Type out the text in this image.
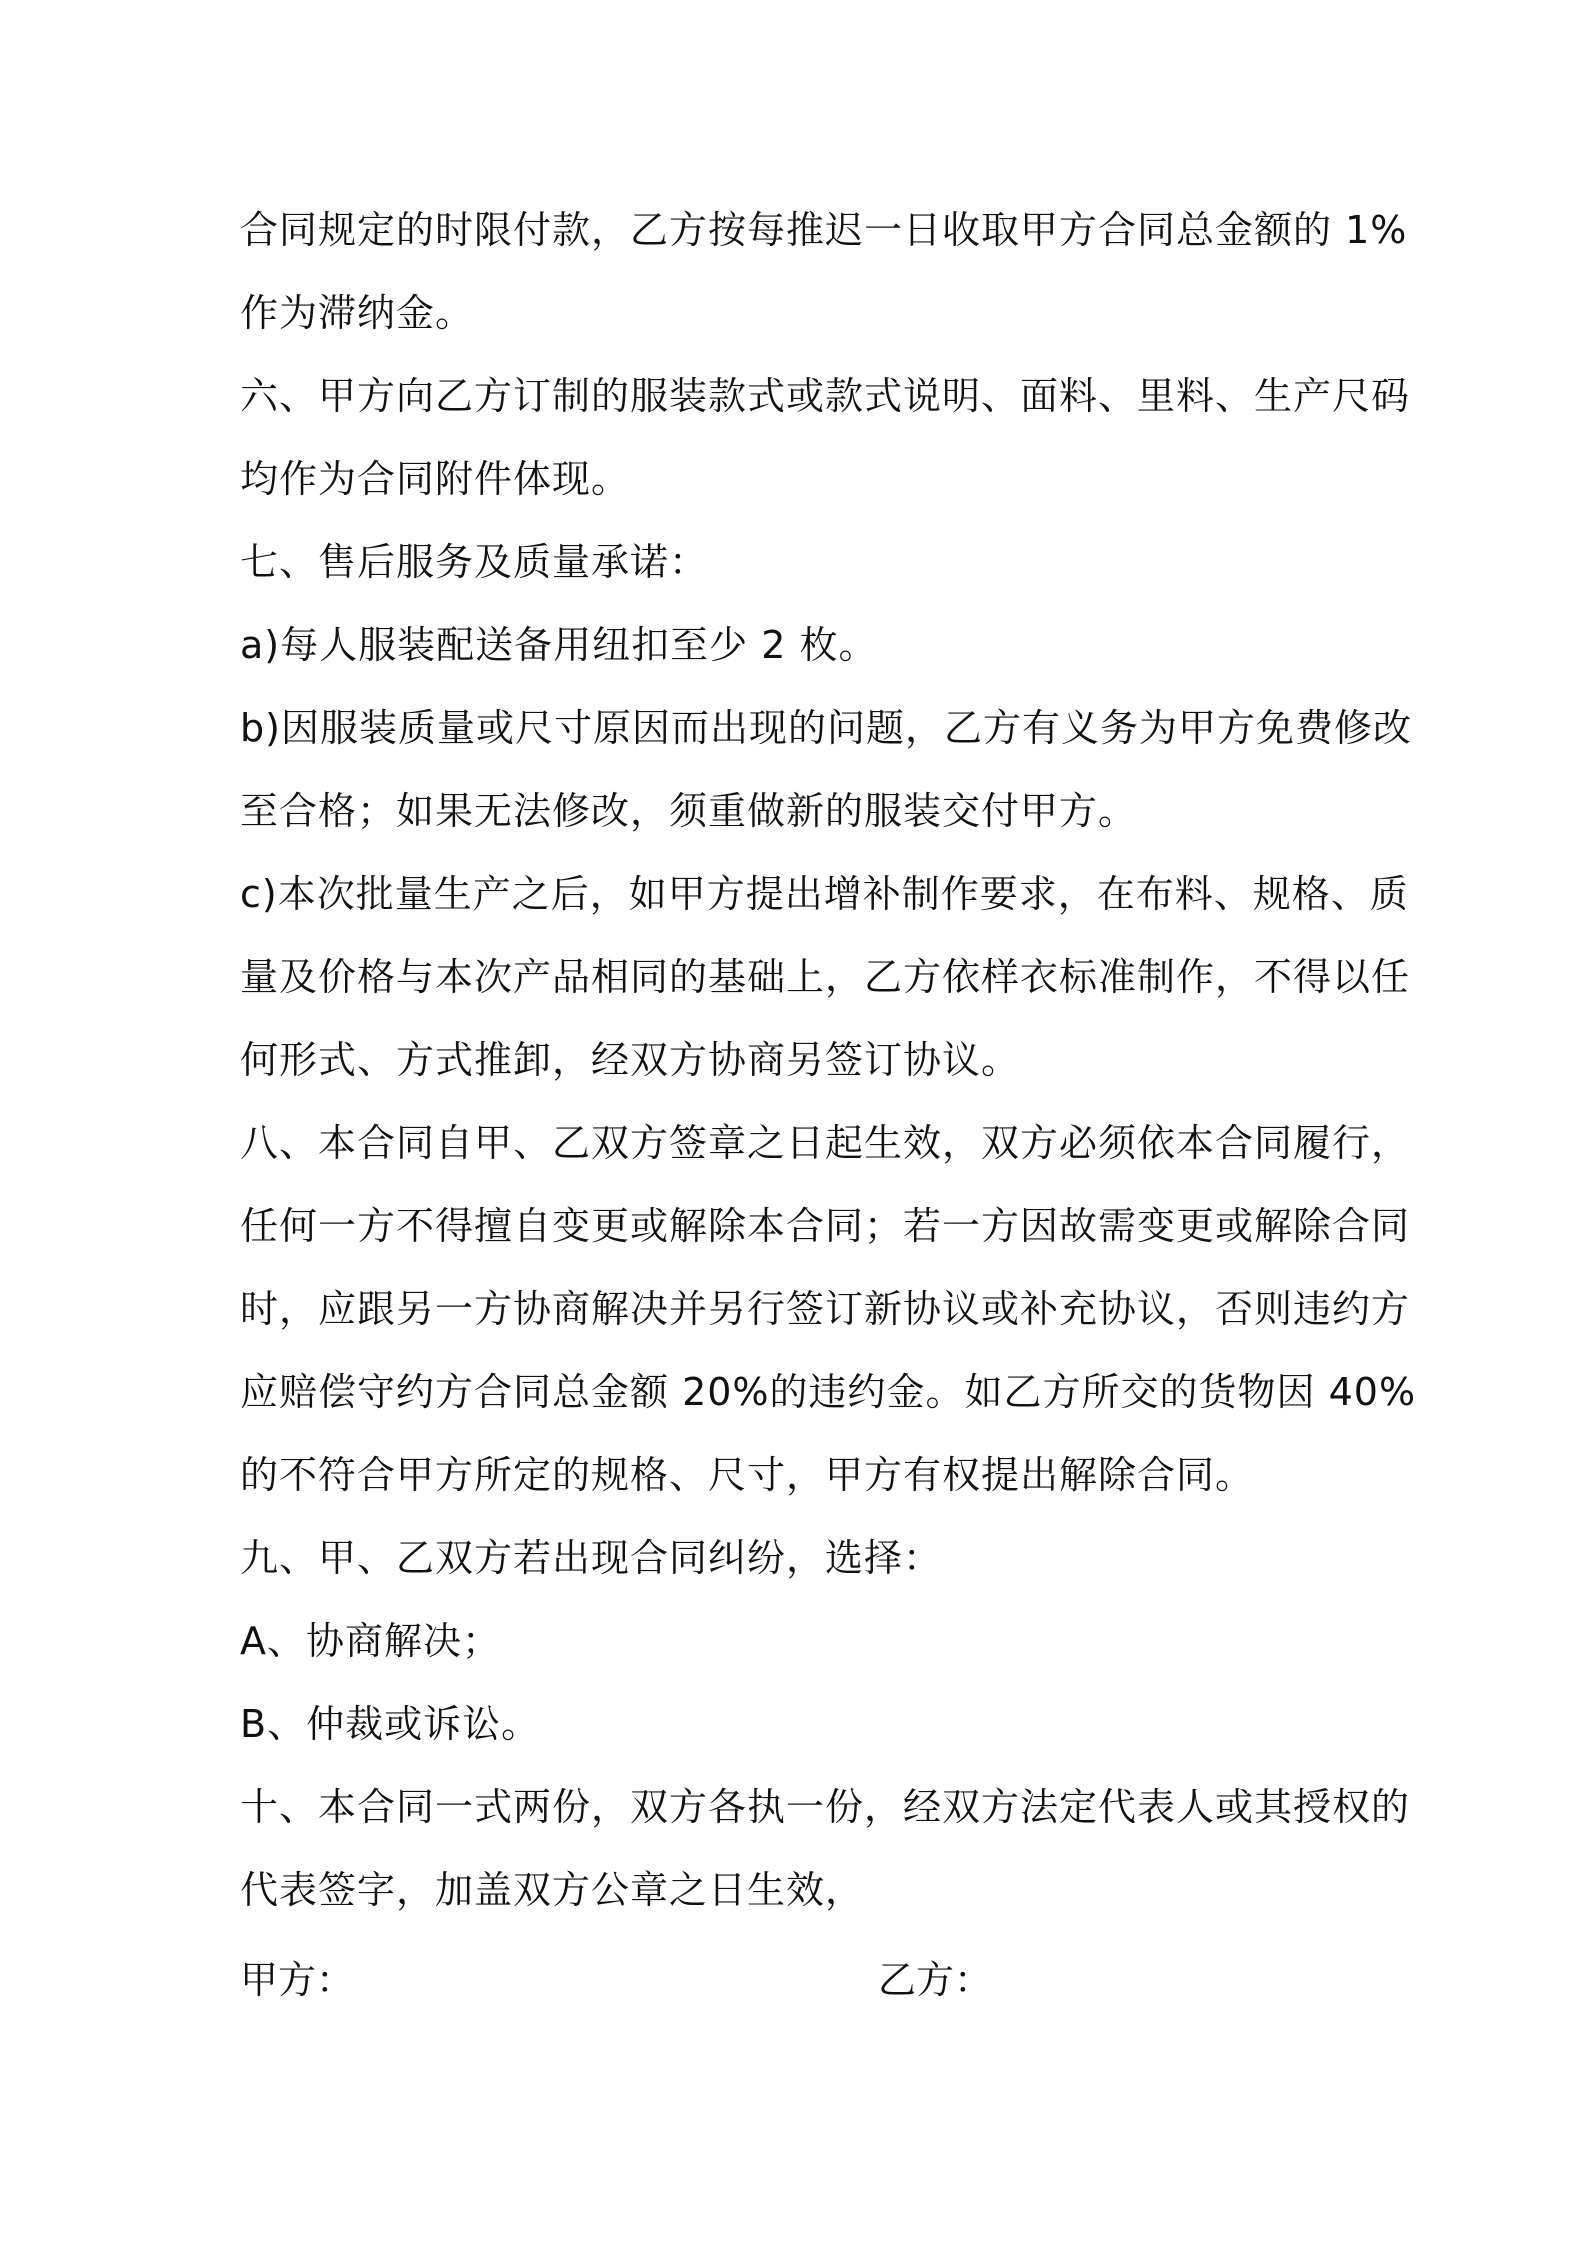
合同规定的时限付款，乙方按每推迟一日收取甲方合同总金额的 1%
作为滞纳金。
六、甲方向乙方订制的服装款式或款式说明、面料、里料、生产尺码
均作为合同附件体现。
七、售后服务及质量承诺：
a)每人服装配送备用纽扣至少 2 枚。
b)因服装质量或尺寸原因而出现的问题，乙方有义务为甲方免费修改
至合格；如果无法修改，须重做新的服装交付甲方。
c)本次批量生产之后，如甲方提出增补制作要求，在布料、规格、质
量及价格与本次产品相同的基础上，乙方依样衣标准制作，不得以任
何形式、方式推卸，经双方协商另签订协议。
八、本合同自甲、乙双方签章之日起生效，双方必须依本合同履行，
任何一方不得擅自变更或解除本合同；若一方因故需变更或解除合同
时，应跟另一方协商解决并另行签订新协议或补充协议，否则违约方
应赔偿守约方合同总金额 20%的违约金。如乙方所交的货物因 40%
的不符合甲方所定的规格、尺寸，甲方有权提出解除合同。
九、甲、乙双方若出现合同纠纷，选择：
A、协商解决；
B、仲裁或诉讼。
十、本合同一式两份，双方各执一份，经双方法定代表人或其授权的
代表签字，加盖双方公章之日生效，
甲方：	乙方：
